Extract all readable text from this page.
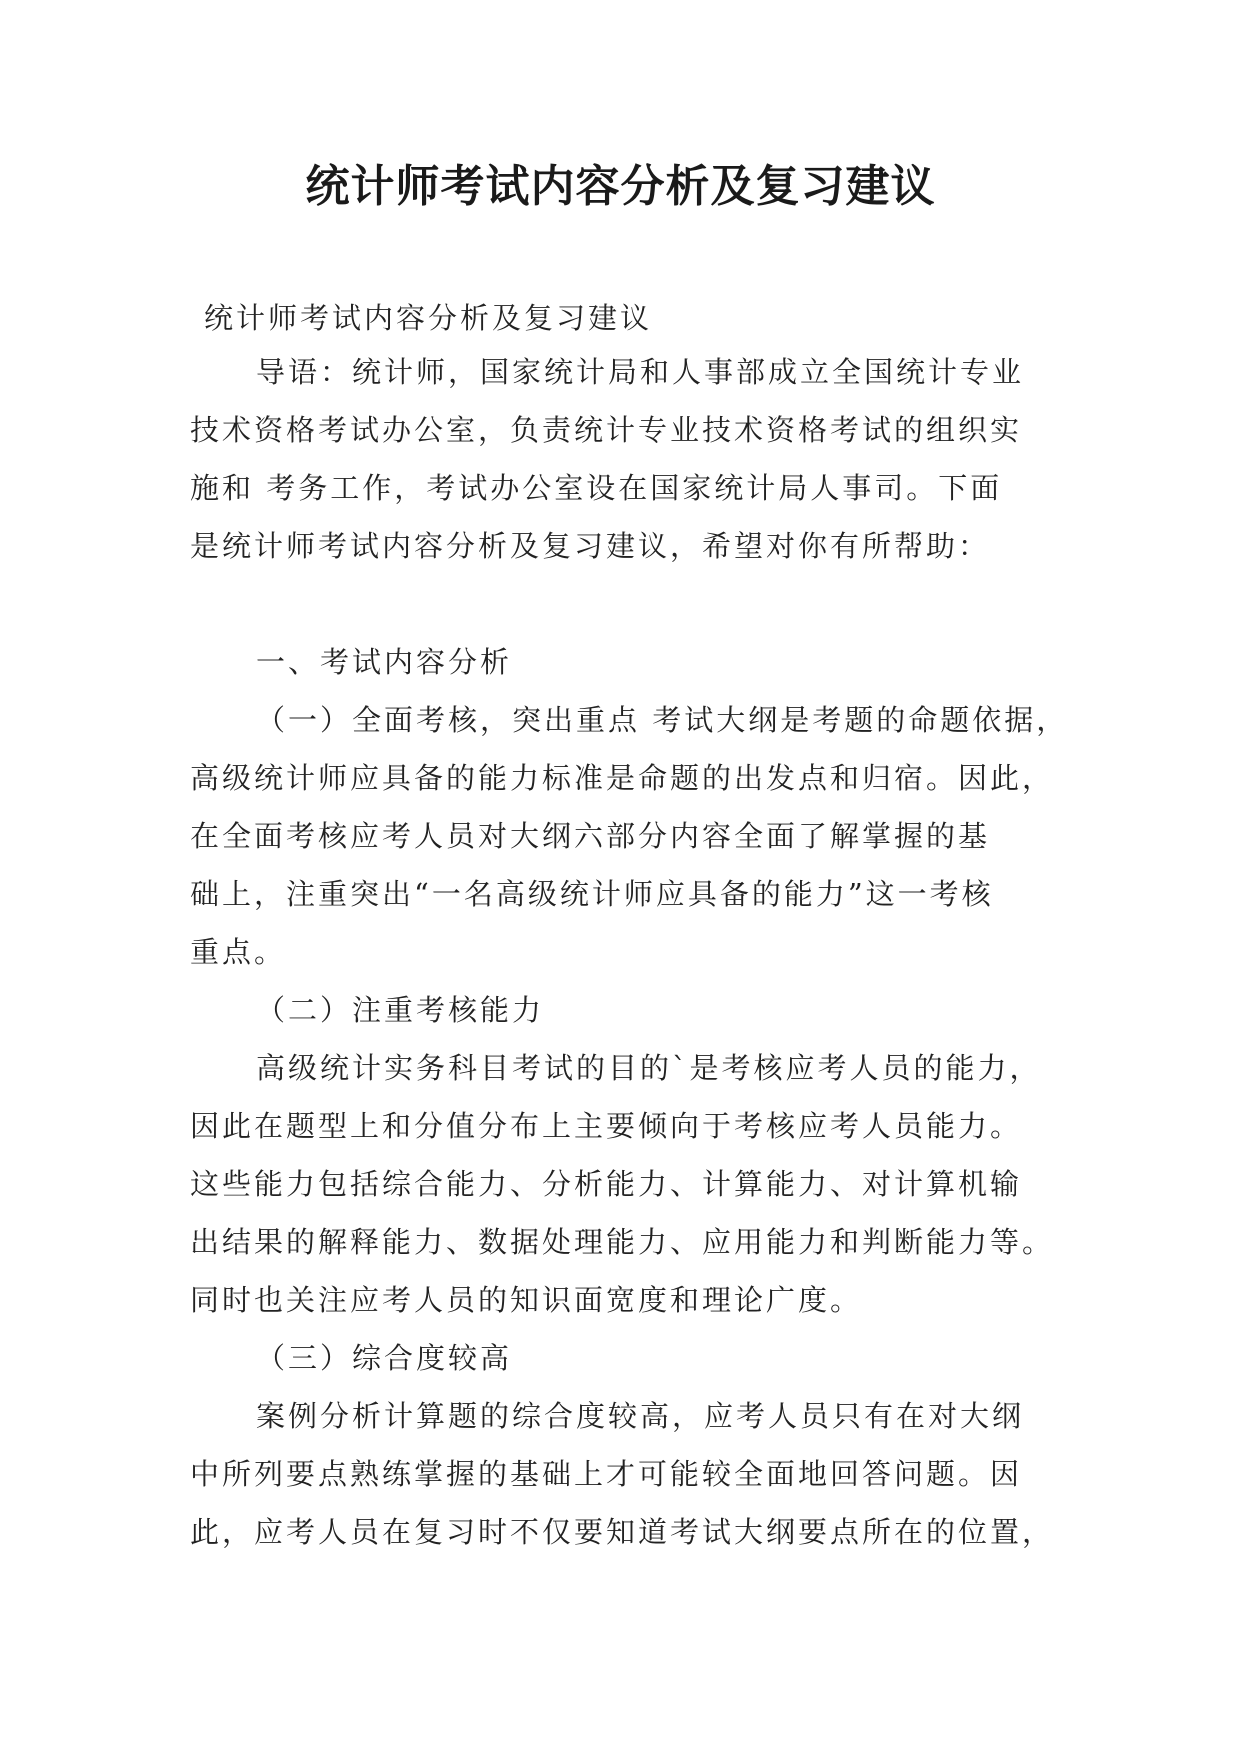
统计师考试内容分析及复习建议
统计师考试内容分析及复习建议
导语：统计师，国家统计局和人事部成立全国统计专业
技术资格考试办公室，负责统计专业技术资格考试的组织实
施和 考务工作，考试办公室设在国家统计局人事司。下面
是统计师考试内容分析及复习建议，希望对你有所帮助：
一、考试内容分析
（一）全面考核，突出重点 考试大纲是考题的命题依据，
高级统计师应具备的能力标准是命题的出发点和归宿。因此，
在全面考核应考人员对大纲六部分内容全面了解掌握的基
础上，注重突出“一名高级统计师应具备的能力”这一考核
重点。
（二）注重考核能力
高级统计实务科目考试的目的`是考核应考人员的能力，
因此在题型上和分值分布上主要倾向于考核应考人员能力。
这些能力包括综合能力、分析能力、计算能力、对计算机输
出结果的解释能力、数据处理能力、应用能力和判断能力等。
同时也关注应考人员的知识面宽度和理论广度。
（三）综合度较高
案例分析计算题的综合度较高，应考人员只有在对大纲
中所列要点熟练掌握的基础上才可能较全面地回答问题。因
此，应考人员在复习时不仅要知道考试大纲要点所在的位置，
